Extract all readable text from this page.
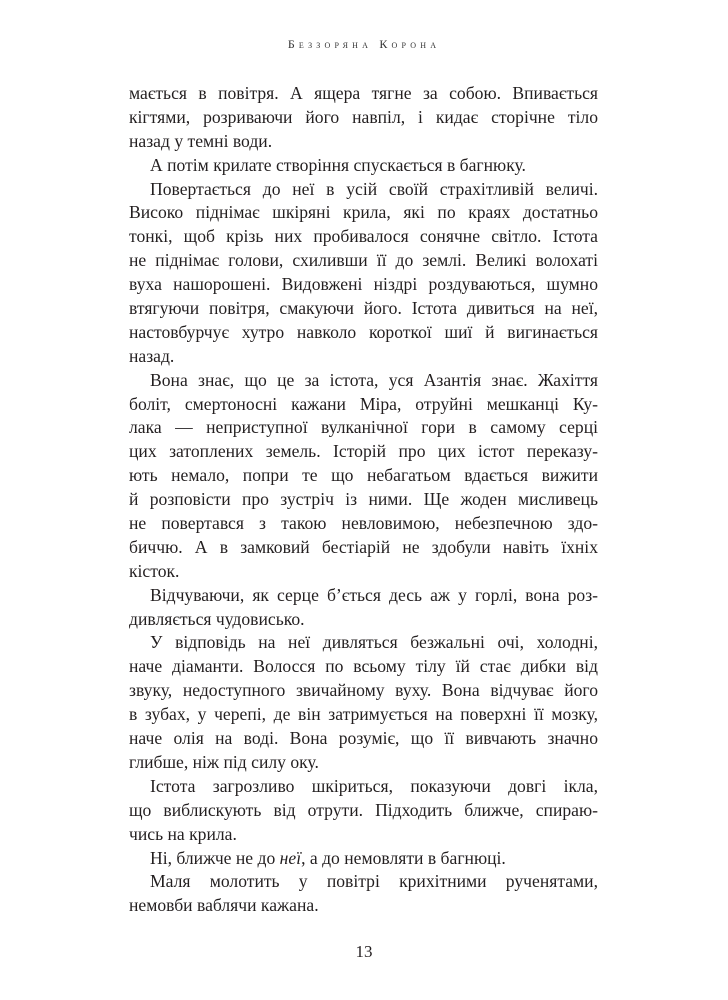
Беззоряна Корона
мається в повітря. А ящера тягне за собою. Впивається
кігтями, розриваючи його навпіл, і кидає сторічне тіло
назад у темні води.
А потім крилате створіння спускається в багнюку.
Повертається до неї в усій своїй страхітливій величі.
Високо піднімає шкіряні крила, які по краях достатньо
тонкі, щоб крізь них пробивалося сонячне світло. Істота
не піднімає голови, схиливши її до землі. Великі волохаті
вуха нашорошені. Видовжені ніздрі роздуваються, шумно
втягуючи повітря, смакуючи його. Істота дивиться на неї,
настовбурчує хутро навколо короткої шиї й вигинається
назад.
Вона знає, що це за істота, уся Азантія знає. Жахіття
боліт, смертоносні кажани Міра, отруйні мешканці Ку-
лака — неприступної вулканічної гори в самому серці
цих затоплених земель. Історій про цих істот переказу-
ють немало, попри те що небагатьом вдається вижити
й розповісти про зустріч із ними. Ще жоден мисливець
не повертався з такою невловимою, небезпечною здо-
биччю. А в замковий бестіарій не здобули навіть їхніх
кісток.
Відчуваючи, як серце б’ється десь аж у горлі, вона роз-
дивляється чудовисько.
У відповідь на неї дивляться безжальні очі, холодні,
наче діаманти. Волосся по всьому тілу їй стає дибки від
звуку, недоступного звичайному вуху. Вона відчуває його
в зубах, у черепі, де він затримується на поверхні її мозку,
наче олія на воді. Вона розуміє, що її вивчають значно
глибше, ніж під силу оку.
Істота загрозливо шкіриться, показуючи довгі ікла,
що виблискують від отрути. Підходить ближче, спираю-
чись на крила.
Ні, ближче не до неї, а до немовляти в багнюці.
Маля молотить у повітрі крихітними рученятами,
немовби ваблячи кажана.
13
